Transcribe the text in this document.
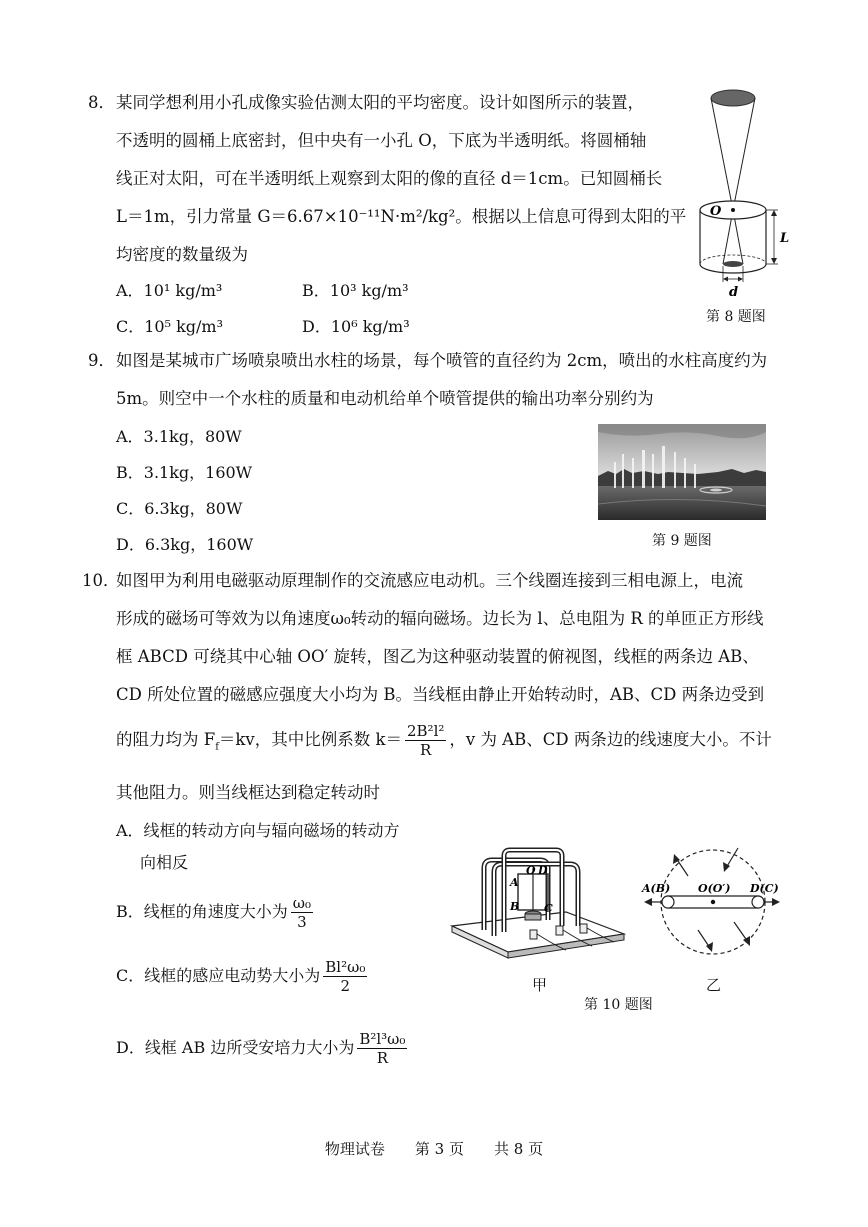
8． 某同学想利用小孔成像实验估测太阳的平均密度。设计如图所示的装置，
不透明的圆桶上底密封，但中央有一小孔 O，下底为半透明纸。将圆桶轴
线正对太阳，可在半透明纸上观察到太阳的像的直径 d＝1cm。已知圆桶长
L＝1m，引力常量 G＝6.67×10⁻¹¹N·m²/kg²。根据以上信息可得到太阳的平
均密度的数量级为
A．10¹ kg/m³	B．10³ kg/m³
C．10⁵ kg/m³	D．10⁶ kg/m³
O
L
d
第 8 题图
9． 如图是某城市广场喷泉喷出水柱的场景，每个喷管的直径约为 2cm，喷出的水柱高度约为
5m。则空中一个水柱的质量和电动机给单个喷管提供的输出功率分别约为
A．3.1kg，80W
B．3.1kg，160W
C．6.3kg，80W
D．6.3kg，160W	第 9 题图
10．
如图甲为利用电磁驱动原理制作的交流感应电动机。三个线圈连接到三相电源上，电流
形成的磁场可等效为以角速度ω₀转动的辐向磁场。边长为 l、总电阻为 R 的单匝正方形线
框 ABCD 可绕其中心轴 OO′ 旋转，图乙为这种驱动装置的俯视图，线框的两条边 AB、
CD 所处位置的磁感应强度大小均为 B。当线框由静止开始转动时，AB、CD 两条边受到
的阻力均为 $F_f=kv$，其中比例系数 $k= \frac{\text{2B²l²}}{R}$ ，v 为 AB、CD 两条边的线速度大小。不计
其他阻力。则当线框达到稳定转动时
A．线框的转动方向与辐向磁场的转动方
向相反
B．线框的角速度大小为 $\frac{\text{ω₀}}{3}$
C．线框的感应电动势大小为 $\frac{\text{Bl²ω₀}}{2}$
D．线框 AB 边所受安培力大小为 $\frac{\text{B²l³ω₀}}{R}$
A
O D
B C
甲
A(B)	O(O′) D(C)
乙
第 10 题图
物理试卷　　第 3 页　　共 8 页
